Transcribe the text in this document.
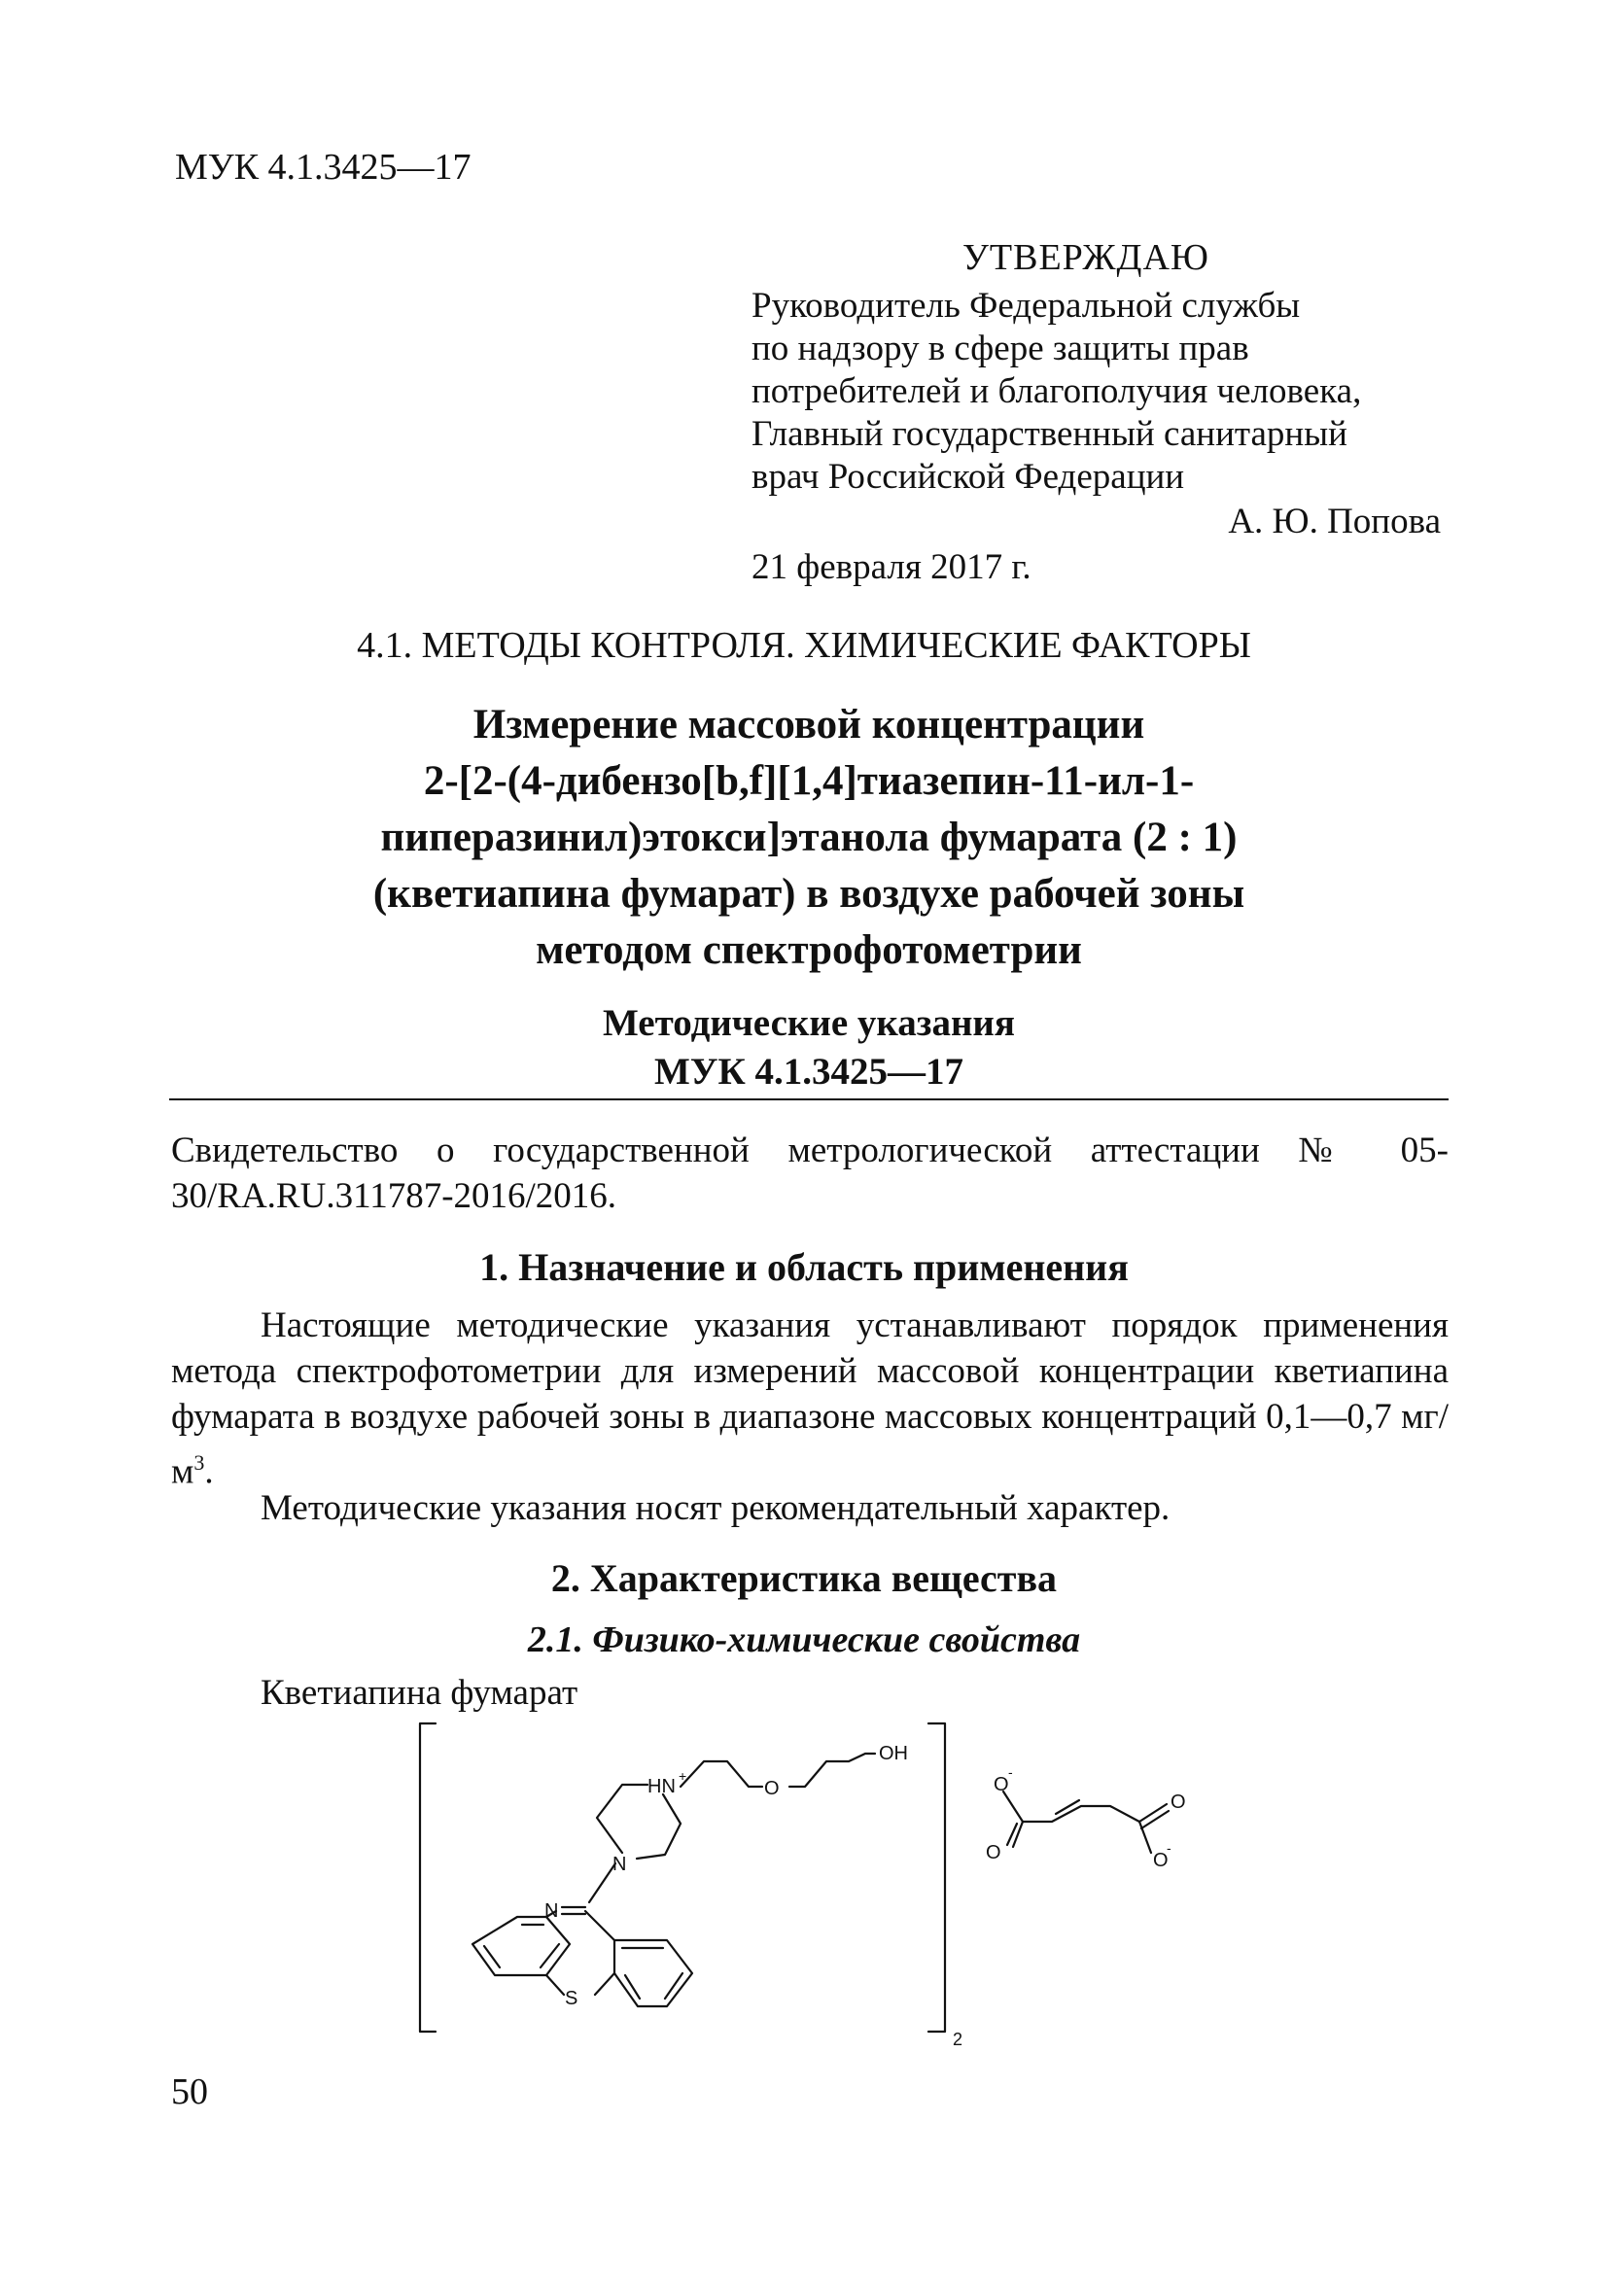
МУК 4.1.3425—17
УТВЕРЖДАЮ
Руководитель Федеральной службы
по надзору в сфере защиты прав
потребителей и благополучия человека,
Главный государственный санитарный
врач Российской Федерации
А. Ю. Попова
21 февраля 2017 г.
4.1. МЕТОДЫ КОНТРОЛЯ. ХИМИЧЕСКИЕ ФАКТОРЫ
Измерение массовой концентрации
2-[2-(4-дибензо[b,f][1,4]тиазепин-11-ил-1-
пиперазинил)этокси]этанола фумарата (2 : 1)
(кветиапина фумарат) в воздухе рабочей зоны
методом спектрофотометрии
Методические указания
МУК 4.1.3425—17
Свидетельство о государственной метрологической аттестации № 05-30/RA.RU.311787-2016/2016.
1. Назначение и область применения
Настоящие методические указания устанавливают порядок применения метода спектрофотометрии для измерений массовой концентрации кветиапина фумарата в воздухе рабочей зоны в диапазоне массовых концентраций 0,1—0,7 $мг/м^3$.
Методические указания носят рекомендательный характер.
2. Характеристика вещества
2.1. Физико-химические свойства
Кветиапина фумарат
OH
HN +
O
N
N
S
O
-
O
O
O
-
2
50
